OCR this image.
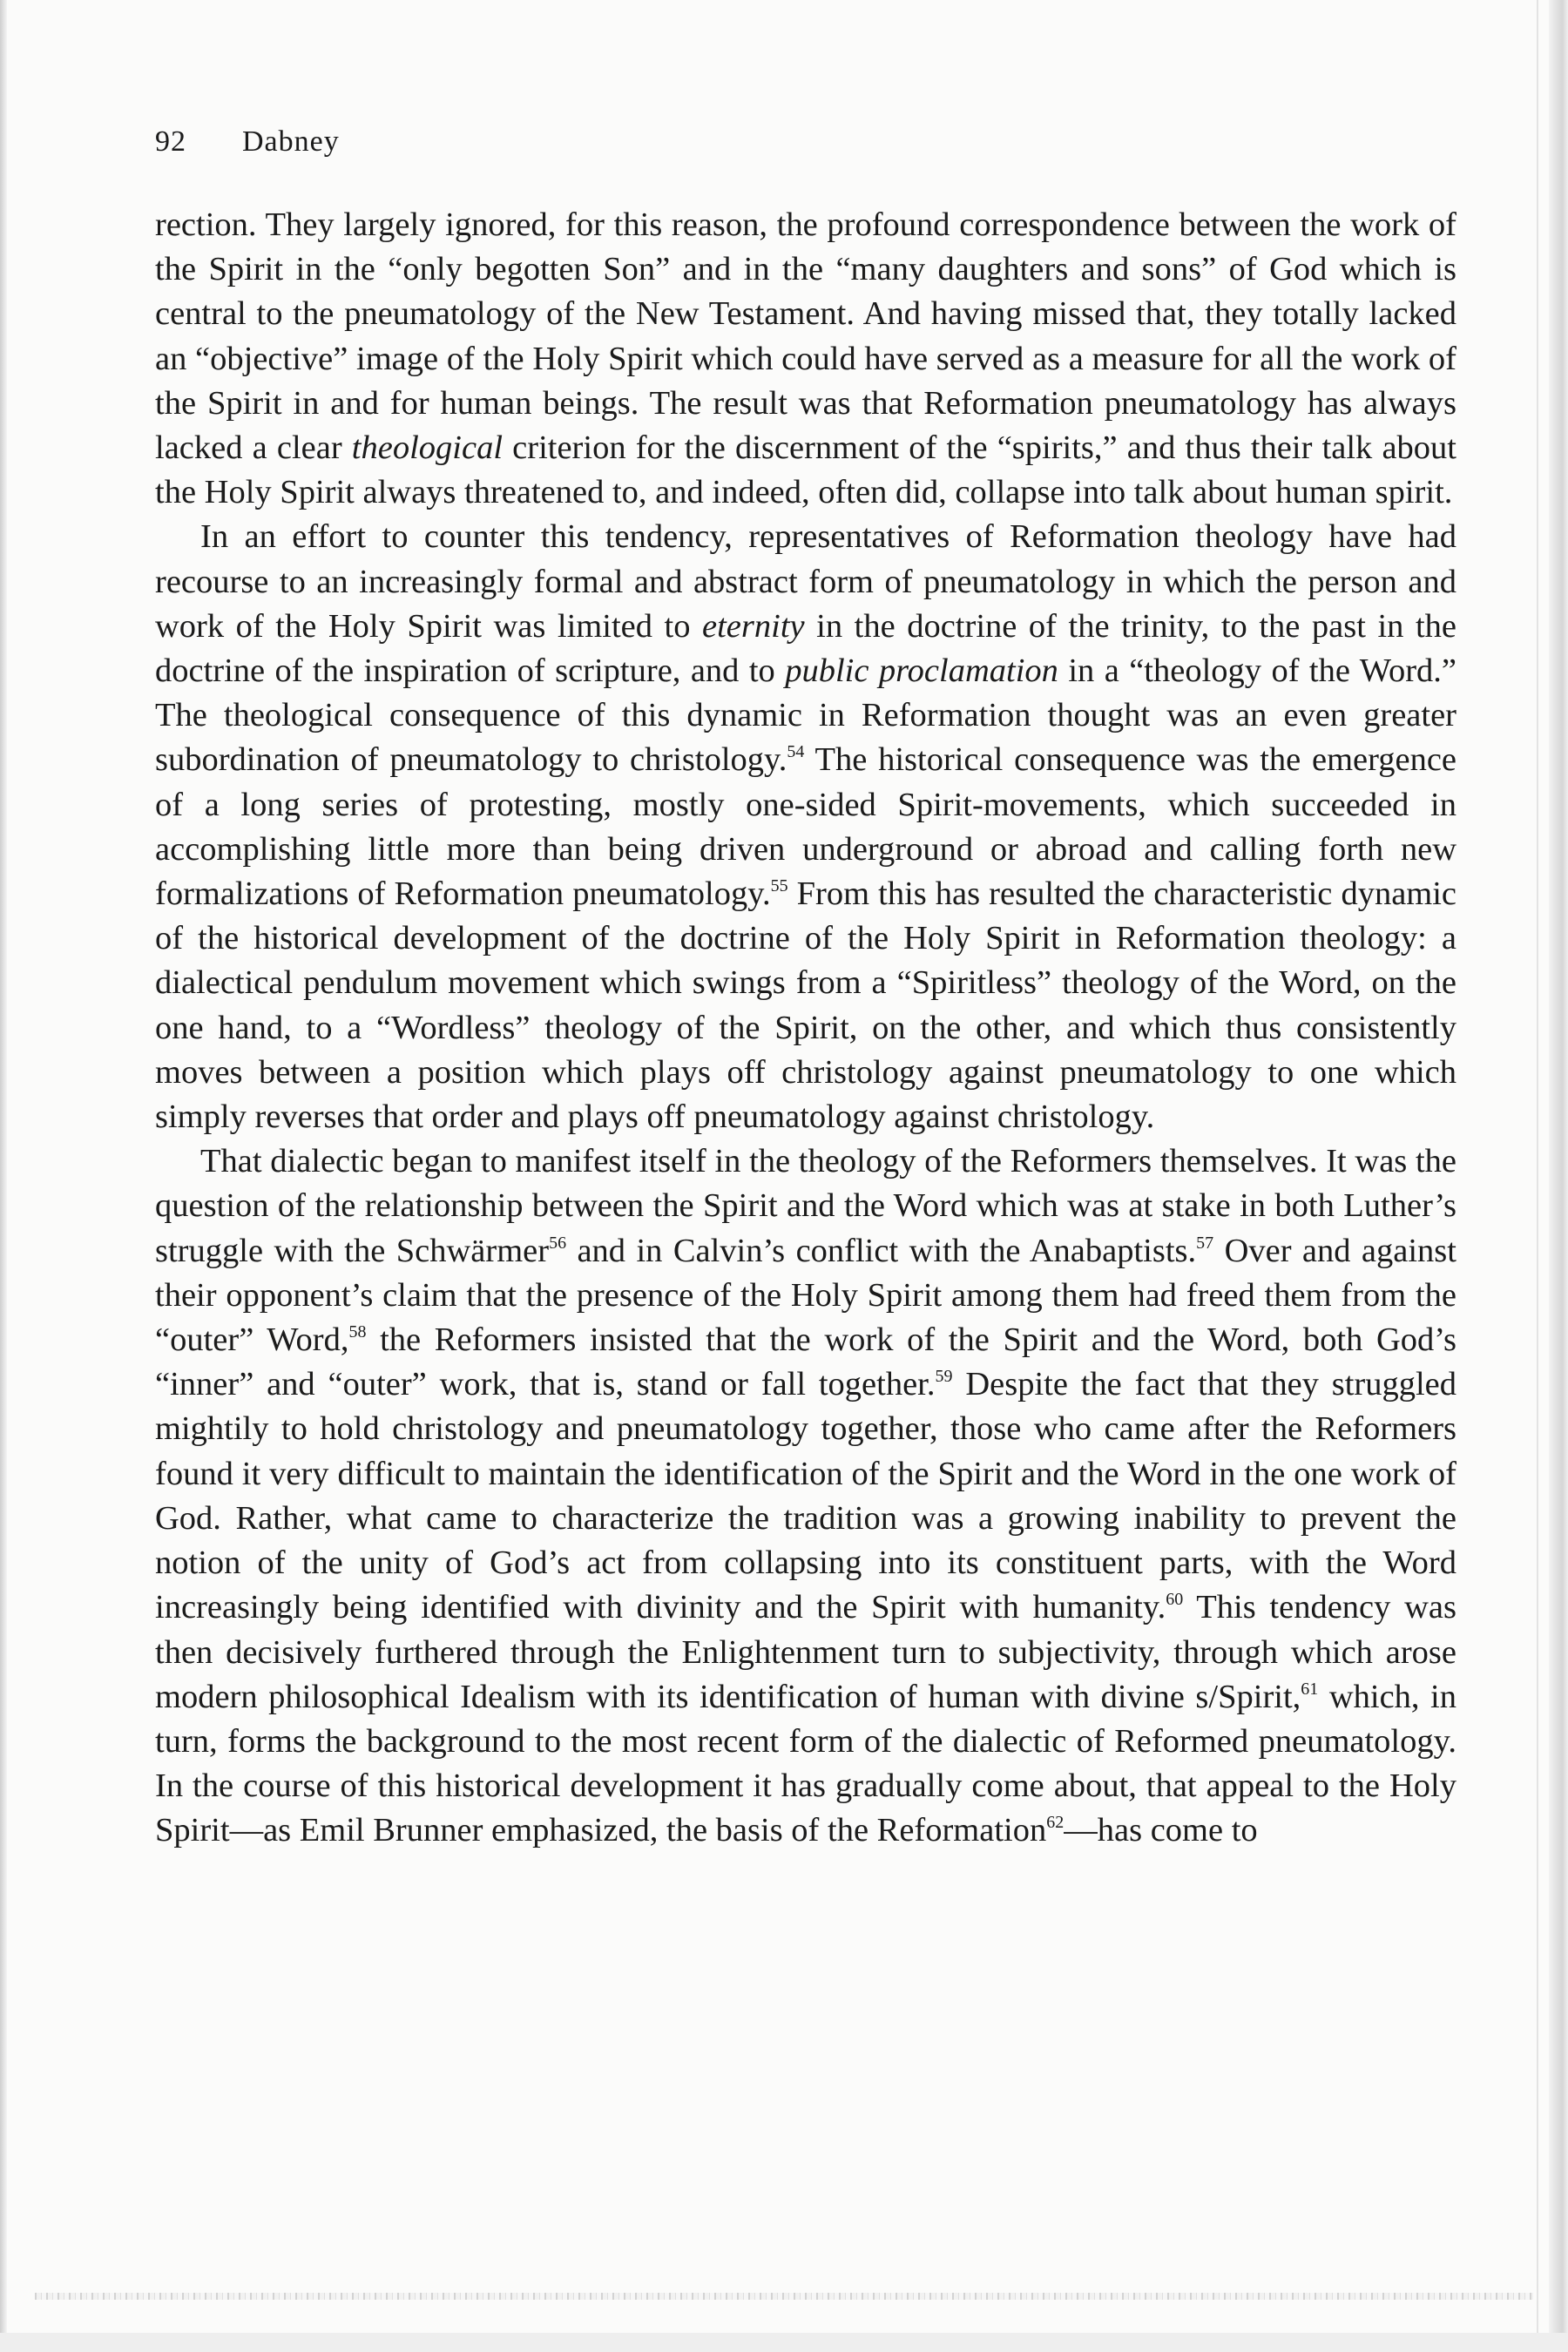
92 Dabney

rection. They largely ignored, for this reason, the profound correspondence between the work of the Spirit in the “only begotten Son” and in the “many daughters and sons” of God which is central to the pneumatology of the New Testament. And having missed that, they totally lacked an “objective” image of the Holy Spirit which could have served as a measure for all the work of the Spirit in and for human beings. The result was that Reformation pneumatology has always lacked a clear theological criterion for the discernment of the “spirits,” and thus their talk about the Holy Spirit always threatened to, and indeed, often did, collapse into talk about human spirit.

In an effort to counter this tendency, representatives of Reformation theology have had recourse to an increasingly formal and abstract form of pneumatology in which the person and work of the Holy Spirit was limited to eternity in the doctrine of the trinity, to the past in the doctrine of the inspiration of scripture, and to public proclamation in a “theology of the Word.” The theological consequence of this dynamic in Reformation thought was an even greater subordination of pneumatology to christology.$^{54}$ The historical consequence was the emergence of a long series of protesting, mostly one-sided Spirit-movements, which succeeded in accomplishing little more than being driven underground or abroad and calling forth new formalizations of Reformation pneumatology.$^{55}$ From this has resulted the characteristic dynamic of the historical development of the doctrine of the Holy Spirit in Reformation theology: a dialectical pendulum movement which swings from a “Spiritless” theology of the Word, on the one hand, to a “Wordless” theology of the Spirit, on the other, and which thus consistently moves between a position which plays off christology against pneumatology to one which simply reverses that order and plays off pneumatology against christology.

That dialectic began to manifest itself in the theology of the Reformers themselves. It was the question of the relationship between the Spirit and the Word which was at stake in both Luther’s struggle with the Schwärmer$^{56}$ and in Calvin’s conflict with the Anabaptists.$^{57}$ Over and against their opponent’s claim that the presence of the Holy Spirit among them had freed them from the “outer” Word,$^{58}$ the Reformers insisted that the work of the Spirit and the Word, both God’s “inner” and “outer” work, that is, stand or fall together.$^{59}$ Despite the fact that they struggled mightily to hold christology and pneumatology together, those who came after the Reformers found it very difficult to maintain the identification of the Spirit and the Word in the one work of God. Rather, what came to characterize the tradition was a growing inability to prevent the notion of the unity of God’s act from collapsing into its constituent parts, with the Word increasingly being identified with divinity and the Spirit with humanity.$^{60}$ This tendency was then decisively furthered through the Enlightenment turn to subjectivity, through which arose modern philosophical Idealism with its identification of human with divine s/Spirit,$^{61}$ which, in turn, forms the background to the most recent form of the dialectic of Reformed pneumatology. In the course of this historical development it has gradually come about, that appeal to the Holy Spirit—as Emil Brunner emphasized, the basis of the Reformation$^{62}$—has come to
